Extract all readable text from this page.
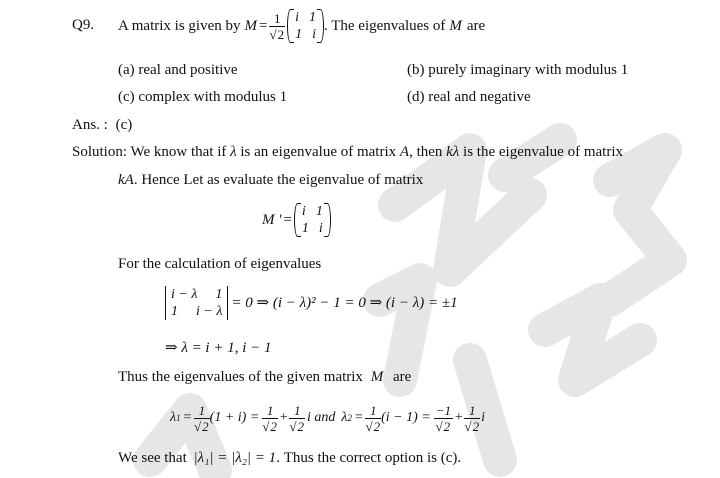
Q9. A matrix is given by $M = \frac{1}{√2}$ i 1
1 i
. The eigenvalues of M are
(a) real and positive	(b) purely imaginary with modulus 1
(c) complex with modulus 1	(d) real and negative
Ans. : (c)
Solution: We know that if λ is an eigenvalue of matrix A, then kλ is the eigenvalue of matrix
kA. Hence Let as evaluate the eigenvalue of matrix
M ' = i 1
1 i
For the calculation of eigenvalues
i − λ 1
1 i − λ
= 0 ⇒ (i − λ)² − 1 = 0 ⇒ (i − λ) = ±1
⇒ λ = i + 1, i − 1
Thus the eigenvalues of the given matrix M are
λ $1 = \frac{1}{√2} (1 + i) = \frac{1}{√2} + \frac{1}{√2}$ i and λ $2 = \frac{1}{√2} (i - 1) = \frac{-1}{√2} + \frac{1}{√2}$ i
We see that |λ₁| = |λ₂| = 1. Thus the correct option is (c).
